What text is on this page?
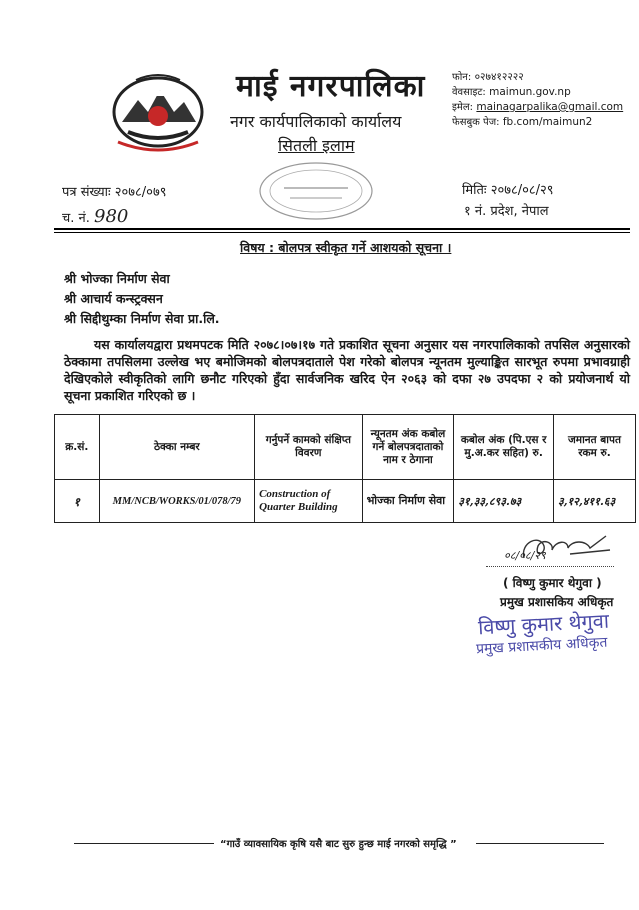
माई नगरपालिका
नगर कार्यपालिकाको कार्यालय
सितली इलाम
फोन: ०२७४१२२२२
वेवसाइट: maimun.gov.np
इमेल: mainagarpalika@gmail.com
फेसबुक पेज: fb.com/maimun2
पत्र संख्याः २०७८/०७९
च. नं. 980
मितिः २०७८/०८/२९
१ नं. प्रदेश, नेपाल
विषय : बोलपत्र स्वीकृत गर्ने आशयको सूचना ।
श्री भोज्का निर्माण सेवा
श्री आचार्य कन्स्ट्रक्सन
श्री सिद्दीथुम्का निर्माण सेवा प्रा.लि.
यस कार्यालयद्वारा प्रथमपटक मिति २०७८।०७।१७ गते प्रकाशित सूचना अनुसार यस नगरपालिकाको तपसिल अनुसारको ठेक्कामा तपसिलमा उल्लेख भए बमोजिमको बोलपत्रदाताले पेश गरेको बोलपत्र न्यूनतम मुल्याङ्कित सारभूत रुपमा प्रभावग्राही देखिएकोले स्वीकृतिको लागि छनौट गरिएको हुँदा सार्वजनिक खरिद ऐन २०६३ को दफा २७ उपदफा २ को प्रयोजनार्थ यो सूचना प्रकाशित गरिएको छ ।
क्र.सं.	ठेक्का नम्बर	गर्नुपर्ने कामको संक्षिप्त विवरण	न्यूनतम अंक कबोल गर्ने बोलपत्रदाताको नाम र ठेगाना	कबोल अंक (पि.एस र मु.अ.कर सहित) रु.	जमानत बापत रकम रु.
१	MM/NCB/WORKS/01/078/79	Construction of Quarter Building	भोज्का निर्माण सेवा	३१,३३,८९३.७३	३,१२,४११.६३
०८/०८/२९
( विष्णु कुमार थेगुवा )
प्रमुख प्रशासकिय अधिकृत
विष्णु कुमार थेगुवा
प्रमुख प्रशासकीय अधिकृत
“गाउँ व्यावसायिक कृषि यसै बाट सुरु हुन्छ माई नगरको समृद्धि ”
